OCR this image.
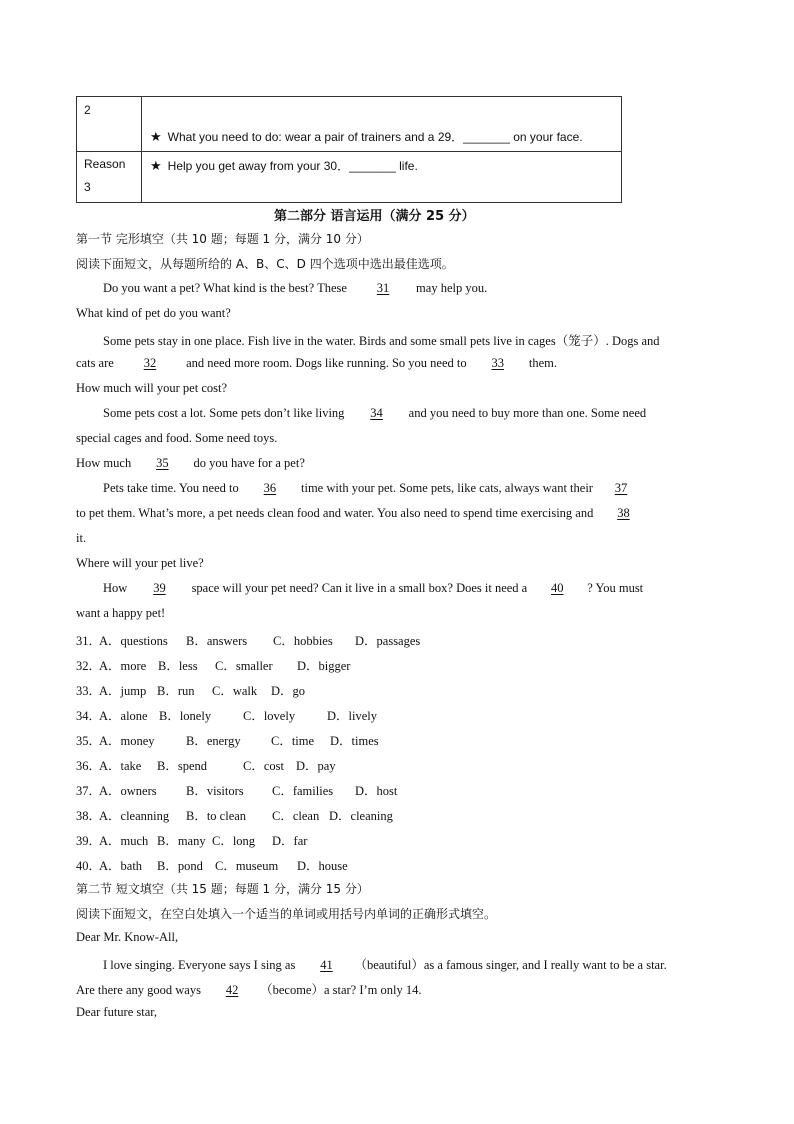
2	★ What you need to do: wear a pair of trainers and a 29．_______ on your face.

Reason
3	★ Help you get away from your 30．_______ life.
第二部分 语言运用（满分 25 分）
第一节 完形填空（共 10 题；每题 1 分，满分 10 分）
阅读下面短文，从每题所给的 A、B、C、D 四个选项中选出最佳选项。
Do you want a pet? What kind is the best? These 31 may help you.
What kind of pet do you want?
Some pets stay in one place. Fish live in the water. Birds and some small pets live in cages（笼子）. Dogs and
cats are 32 and need more room. Dogs like running. So you need to 33 them.
How much will your pet cost?
Some pets cost a lot. Some pets don’t like living 34 and you need to buy more than one. Some need
special cages and food. Some need toys.
How much 35 do you have for a pet?
Pets take time. You need to 36 time with your pet. Some pets, like cats, always want their 37
to pet them. What’s more, a pet needs clean food and water. You also need to spend time exercising and 38
it.
Where will your pet live?
How 39 space will your pet need? Can it live in a small box? Does it need a 40 ? You must
want a happy pet!
31．
A．questions B．answers C．hobbies D．passages
32．
A．more B．less C．smaller D．bigger
33．
A．jump B．run C．walk D．go
34．
A．alone B．lonely	C．lovely	D．lively
35．
A．money	B．energy C．time D．times
36．
A．take B．spend	C．cost D．pay
37．
A．owners B．visitors C．families D．host
38．
A．cleanning B．to clean C．clean D．cleaning
39．
A．much B．many C．long D．far
40．
A．bath B．pond C．museum D．house
第二节 短文填空（共 15 题；每题 1 分，满分 15 分）
阅读下面短文，在空白处填入一个适当的单词或用括号内单词的正确形式填空。
Dear Mr. Know-All,
I love singing. Everyone says I sing as 41 （beautiful）as a famous singer, and I really want to be a star.
Are there any good ways 42 （become）a star? I’m only 14.
Dear future star,
